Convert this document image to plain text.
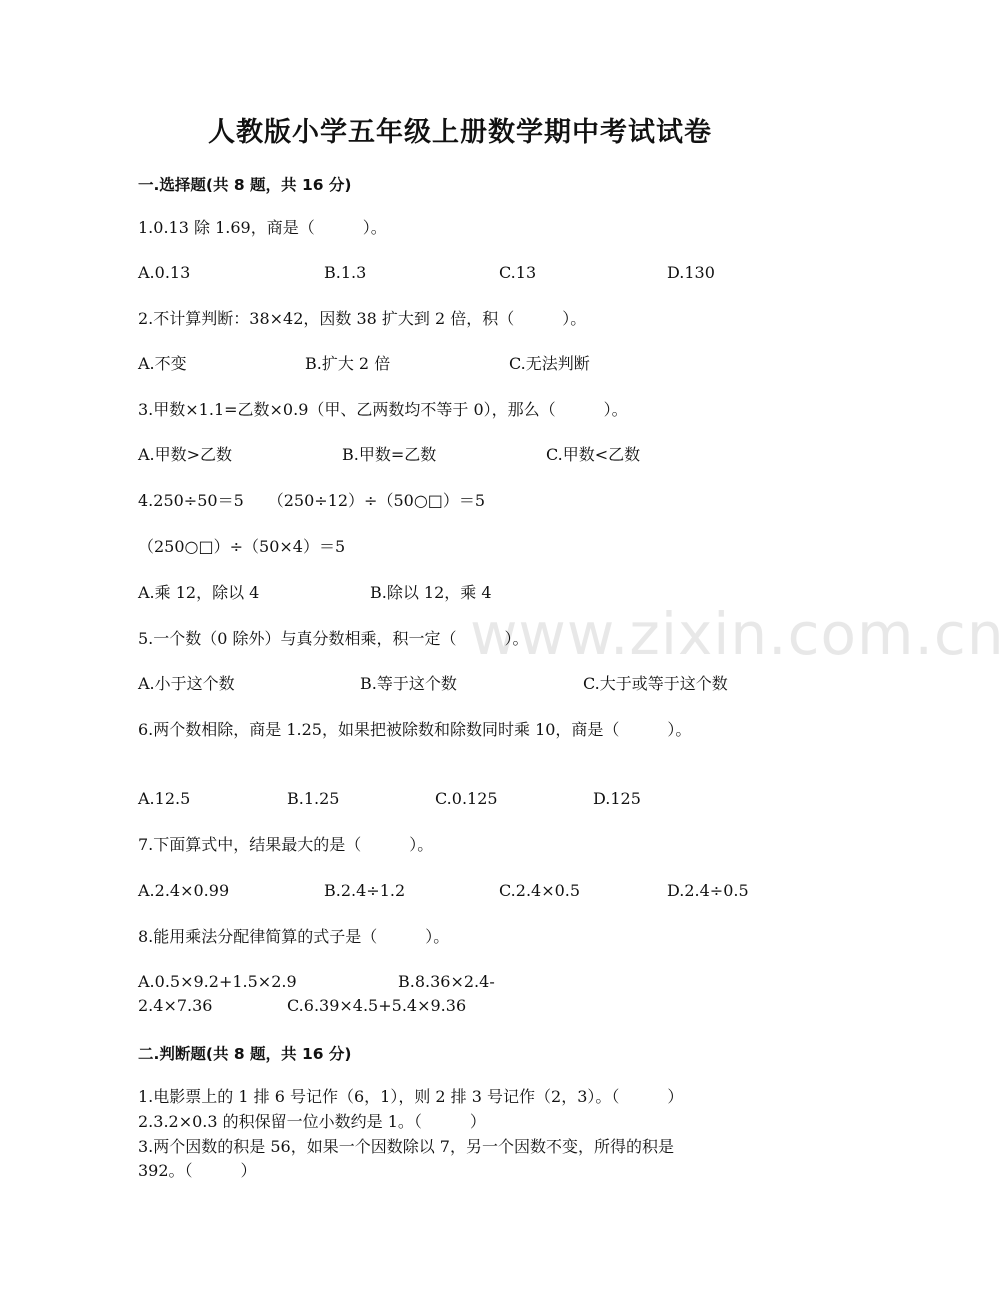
人教版小学五年级上册数学期中考试试卷
www.zixin.com.cn
一.选择题(共 8 题，共 16 分)
1.0.13 除 1.69，商是（　　　）。
A.0.13	B.1.3	C.13	D.130
2.不计算判断：38×42，因数 38 扩大到 2 倍，积（　　　）。
A.不变	B.扩大 2 倍	C.无法判断
3.甲数×1.1=乙数×0.9（甲、乙两数均不等于 0），那么（　　　）。
A.甲数>乙数	B.甲数=乙数	C.甲数<乙数
4.250÷50＝5　　（250÷12）÷（50○□）＝5
（250○□）÷（50×4）＝5
A.乘 12，除以 4	B.除以 12，乘 4
5.一个数（0 除外）与真分数相乘，积一定（　　　）。
A.小于这个数	B.等于这个数	C.大于或等于这个数
6.两个数相除，商是 1.25，如果把被除数和除数同时乘 10，商是（　　　）。
A.12.5	B.1.25	C.0.125	D.125
7.下面算式中，结果最大的是（　　　）。
A.2.4×0.99	B.2.4÷1.2	C.2.4×0.5	D.2.4÷0.5
8.能用乘法分配律简算的式子是（　　　）。
A.0.5×9.2+1.5×2.9	B.8.36×2.4-
2.4×7.36	C.6.39×4.5+5.4×9.36
二.判断题(共 8 题，共 16 分)
1.电影票上的 1 排 6 号记作（6，1），则 2 排 3 号记作（2，3）。（　　　）
2.3.2×0.3 的积保留一位小数约是 1。（　　　）
3.两个因数的积是 56，如果一个因数除以 7，另一个因数不变，所得的积是
392。（　　　）
